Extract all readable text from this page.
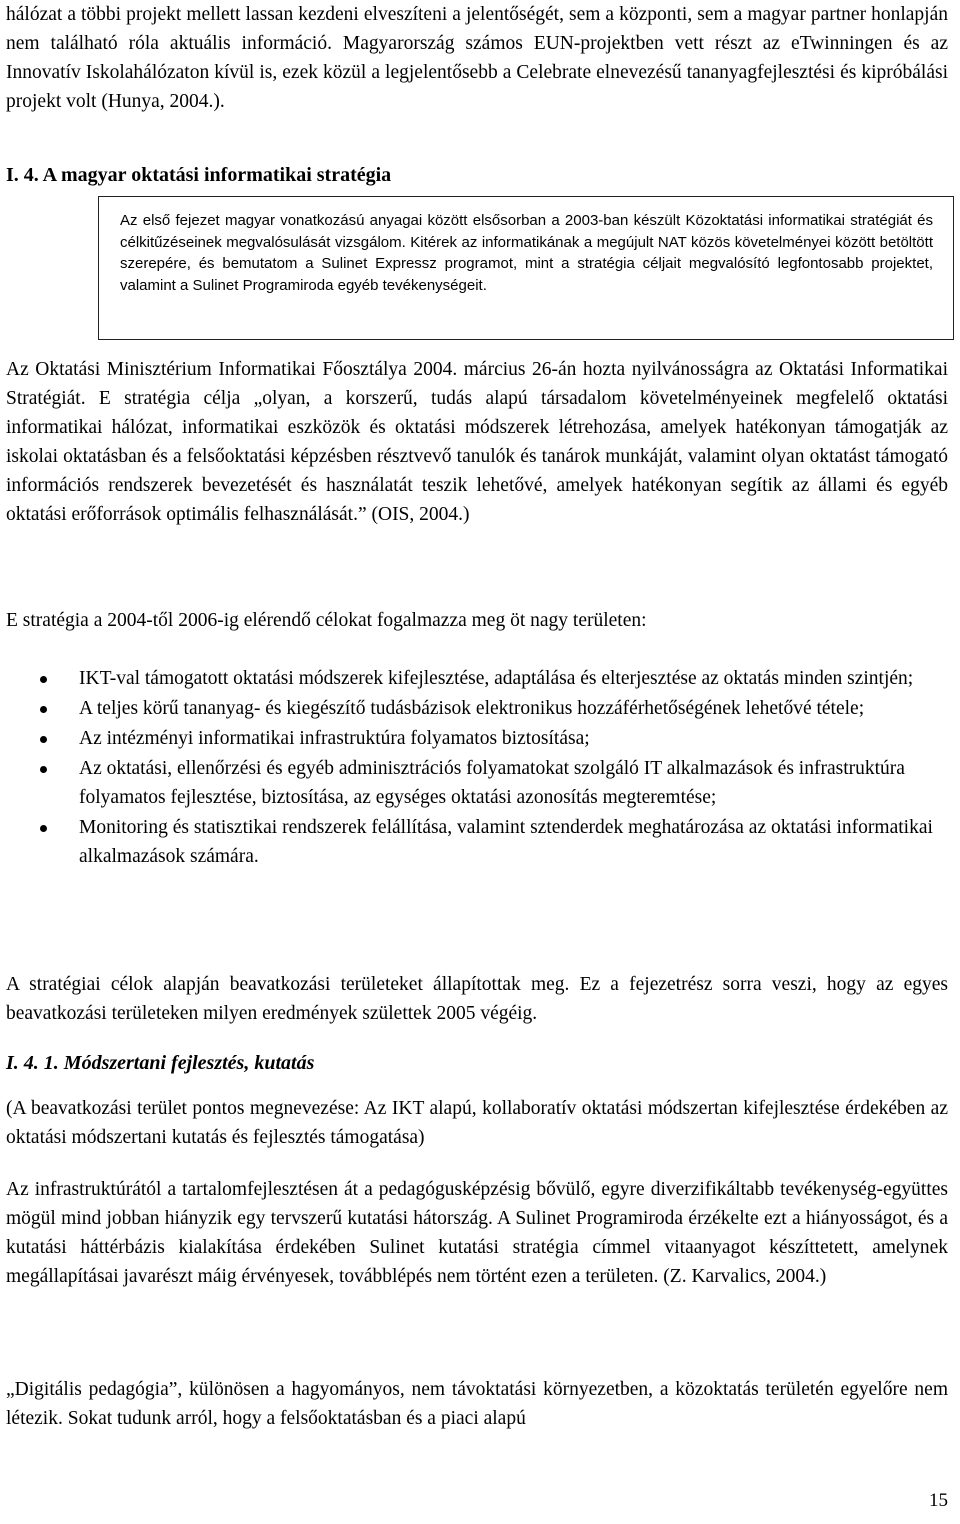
hálózat a többi projekt mellett lassan kezdeni elveszíteni a jelentőségét, sem a központi, sem a magyar partner honlapján nem található róla aktuális információ. Magyarország számos EUN-projektben vett részt az eTwinningen és az Innovatív Iskolahálózaton kívül is, ezek közül a legjelentősebb a Celebrate elnevezésű tananyagfejlesztési és kipróbálási projekt volt (Hunya, 2004.).

I. 4. A magyar oktatási informatikai stratégia

Az első fejezet magyar vonatkozású anyagai között elsősorban a 2003-ban készült Közoktatási informatikai stratégiát és célkitűzéseinek megvalósulását vizsgálom. Kitérek az informatikának a megújult NAT közös követelményei között betöltött szerepére, és bemutatom a Sulinet Expressz programot, mint a stratégia céljait megvalósító legfontosabb projektet, valamint a Sulinet Programiroda egyéb tevékenységeit.

Az Oktatási Minisztérium Informatikai Főosztálya 2004. március 26-án hozta nyilvánosságra az Oktatási Informatikai Stratégiát. E stratégia célja „olyan, a korszerű, tudás alapú társadalom követelményeinek megfelelő oktatási informatikai hálózat, informatikai eszközök és oktatási módszerek létrehozása, amelyek hatékonyan támogatják az iskolai oktatásban és a felsőoktatási képzésben résztvevő tanulók és tanárok munkáját, valamint olyan oktatást támogató információs rendszerek bevezetését és használatát teszik lehetővé, amelyek hatékonyan segítik az állami és egyéb oktatási erőforrások optimális felhasználását.” (OIS, 2004.)

E stratégia a 2004-től 2006-ig elérendő célokat fogalmazza meg öt nagy területen:

IKT-val támogatott oktatási módszerek kifejlesztése, adaptálása és elterjesztése az oktatás minden szintjén;
A teljes körű tananyag- és kiegészítő tudásbázisok elektronikus hozzáférhetőségének lehetővé tétele;
Az intézményi informatikai infrastruktúra folyamatos biztosítása;
Az oktatási, ellenőrzési és egyéb adminisztrációs folyamatokat szolgáló IT alkalmazások és infrastruktúra folyamatos fejlesztése, biztosítása, az egységes oktatási azonosítás megteremtése;
Monitoring és statisztikai rendszerek felállítása, valamint sztenderdek meghatározása az oktatási informatikai alkalmazások számára.

A stratégiai célok alapján beavatkozási területeket állapítottak meg. Ez a fejezetrész sorra veszi, hogy az egyes beavatkozási területeken milyen eredmények születtek 2005 végéig.

I. 4. 1. Módszertani fejlesztés, kutatás

(A beavatkozási terület pontos megnevezése: Az IKT alapú, kollaboratív oktatási módszertan kifejlesztése érdekében az oktatási módszertani kutatás és fejlesztés támogatása)

Az infrastruktúrától a tartalomfejlesztésen át a pedagógusképzésig bővülő, egyre diverzifikáltabb tevékenység-együttes mögül mind jobban hiányzik egy tervszerű kutatási hátország. A Sulinet Programiroda érzékelte ezt a hiányosságot, és a kutatási háttérbázis kialakítása érdekében Sulinet kutatási stratégia címmel vitaanyagot készíttetett, amelynek megállapításai javarészt máig érvényesek, továbblépés nem történt ezen a területen. (Z. Karvalics, 2004.)

„Digitális pedagógia”, különösen a hagyományos, nem távoktatási környezetben, a közoktatás területén egyelőre nem létezik. Sokat tudunk arról, hogy a felsőoktatásban és a piaci alapú

15
